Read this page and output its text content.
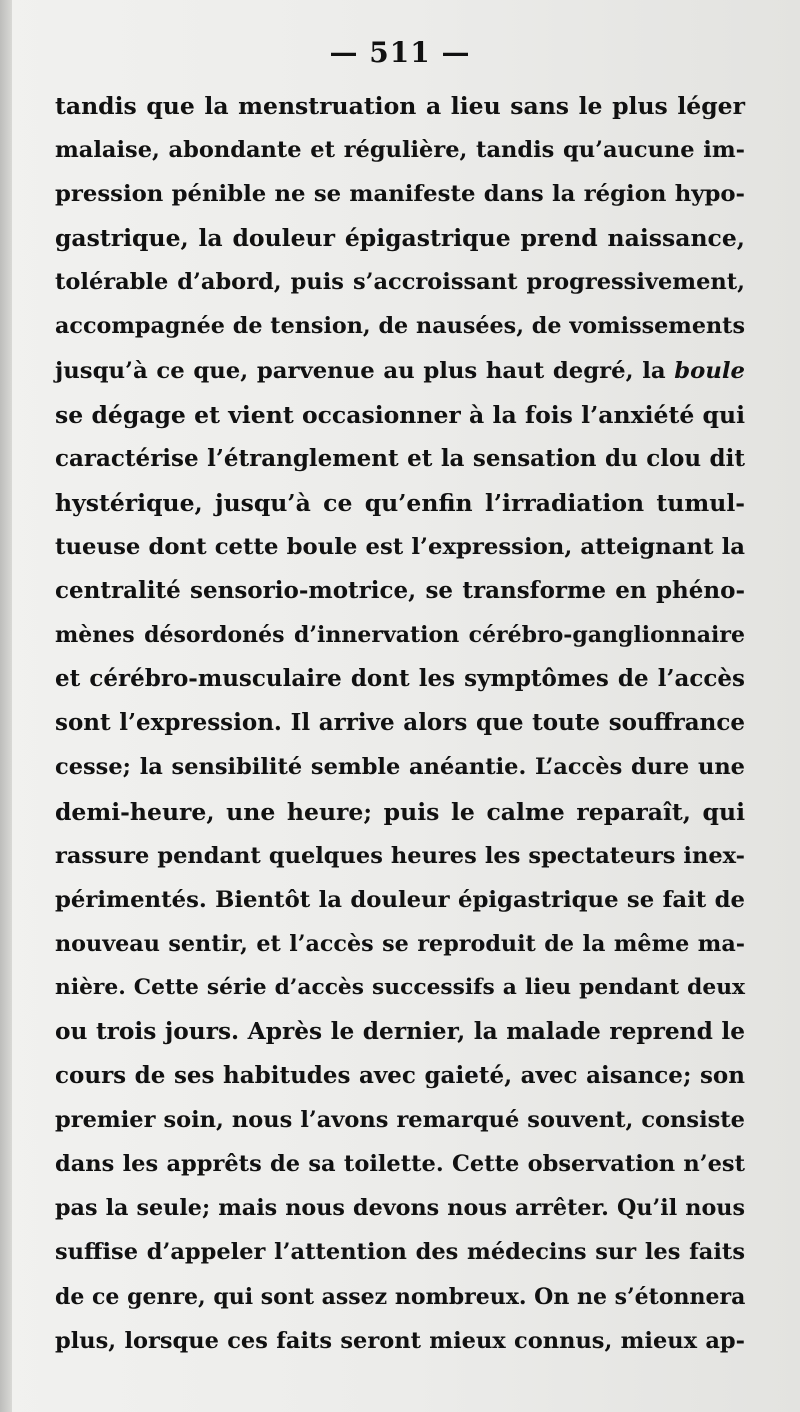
— 511 —
tandis que la menstruation a lieu sans le plus léger
malaise, abondante et régulière, tandis qu’aucune im-
pression pénible ne se manifeste dans la région hypo-
gastrique, la douleur épigastrique prend naissance,
tolérable d’abord, puis s’accroissant progressivement,
accompagnée de tension, de nausées, de vomissements
jusqu’à ce que, parvenue au plus haut degré, la boule
se dégage et vient occasionner à la fois l’anxiété qui
caractérise l’étranglement et la sensation du clou dit
hystérique, jusqu’à ce qu’enfin l’irradiation tumul-
tueuse dont cette boule est l’expression, atteignant la
centralité sensorio-motrice, se transforme en phéno-
mènes désordonés d’innervation cérébro-ganglionnaire
et cérébro-musculaire dont les symptômes de l’accès
sont l’expression. Il arrive alors que toute souffrance
cesse; la sensibilité semble anéantie. L’accès dure une
demi-heure, une heure; puis le calme reparaît, qui
rassure pendant quelques heures les spectateurs inex-
périmentés. Bientôt la douleur épigastrique se fait de
nouveau sentir, et l’accès se reproduit de la même ma-
nière. Cette série d’accès successifs a lieu pendant deux
ou trois jours. Après le dernier, la malade reprend le
cours de ses habitudes avec gaieté, avec aisance; son
premier soin, nous l’avons remarqué souvent, consiste
dans les apprêts de sa toilette. Cette observation n’est
pas la seule; mais nous devons nous arrêter. Qu’il nous
suffise d’appeler l’attention des médecins sur les faits
de ce genre, qui sont assez nombreux. On ne s’étonnera
plus, lorsque ces faits seront mieux connus, mieux ap-
